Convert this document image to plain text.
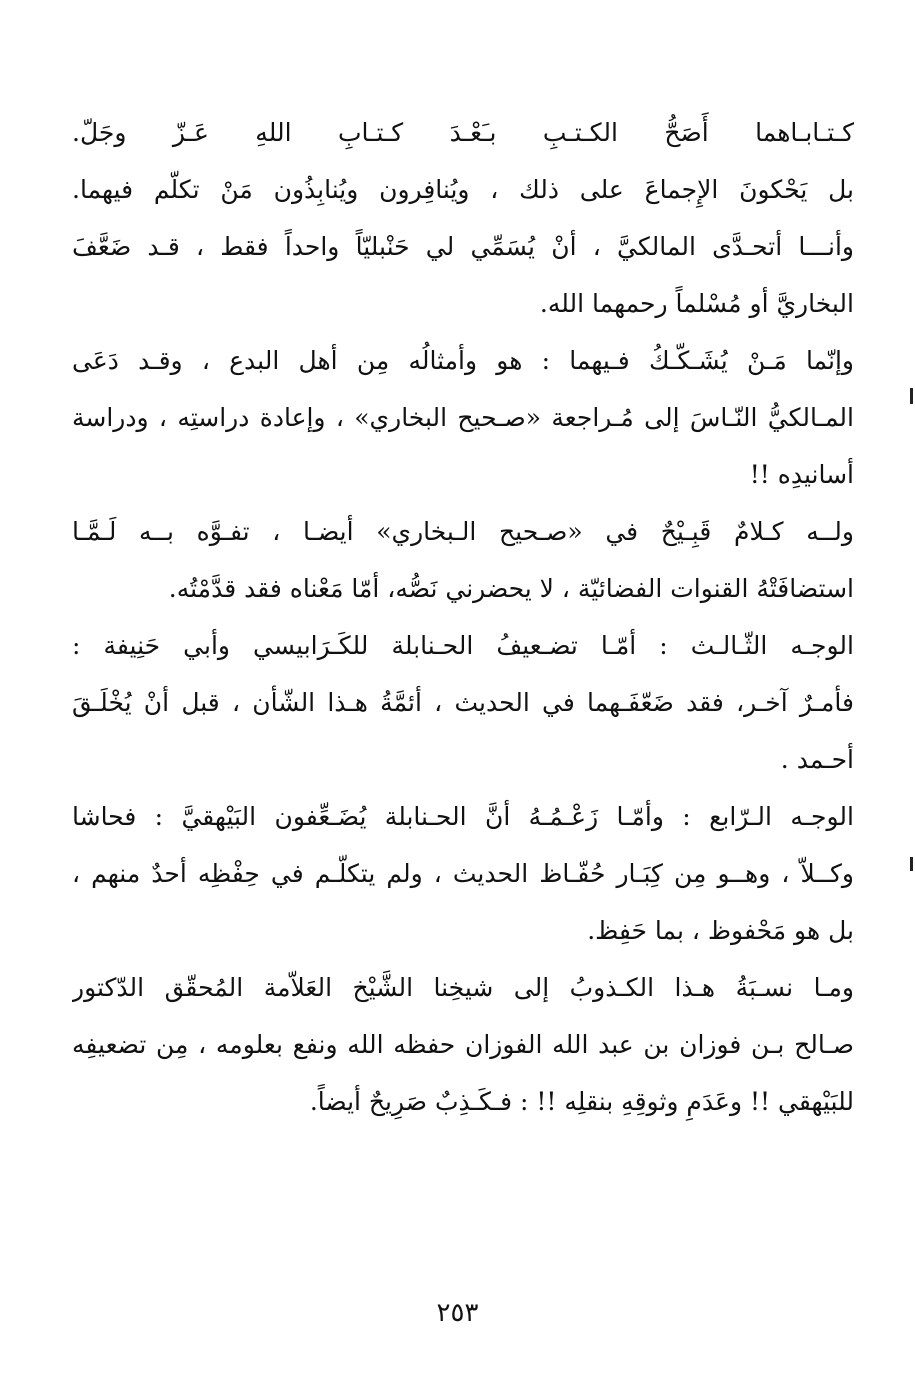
كـتـابـاهما أَصَحُّ الكـتـبِ بـَعْـدَ كـتـابِ اللهِ عَـزّ وجَلّ.
بل يَحْكونَ الإِجماعَ على ذلك ، ويُنافِرون ويُنابِذُون مَنْ تكلّم فيهما.
وأنـــا أتحـدَّى المالكيَّ ، أنْ يُسَمِّي لي حَنْبليّاً واحداً فقط ، قـد ضَعَّفَ
البخاريَّ أو مُسْلماً رحمهما الله.
وإنّما مَـنْ يُشَـكّـكُ فـيهما : هو وأمثالُه مِن أهل البدع ، وقـد دَعَى
المـالكيُّ النّـاسَ إلى مُـراجعة «صـحيح البخاري» ، وإعادة دراستِه ، ودراسة
أسانيدِه !!
ولــه كـلامٌ قَبِـيْحٌ في «صـحيح الـبخاري» أيضـا ، تفـوَّه بــه لَـمَّـا
استضافَتْهُ القنوات الفضائيّة ، لا يحضرني نَصُّه، أمّا مَعْناه فقد قدَّمْتُه.
الوجـه الثّـالـث : أمّـا تضـعيفُ الحـنابلة للكَـرَابيسي وأبي حَنِيفة :
فأمـرٌ آخـر، فقد ضَعّفَـهما في الحديث ، أئمَّةُ هـذا الشّأن ، قبل أنْ يُخْلَـقَ
أحـمد .
الوجـه الـرّابع : وأمّـا زَعْـمُـهُ أنَّ الحـنابلة يُضَـعِّفون البَيْهقيَّ : فحاشا
وكــلاّ ، وهــو مِن كِبَـار حُفّـاظ الحديث ، ولم يتكلّـم في حِفْظِه أحدٌ منهم ،
بل هو مَحْفوظ ، بما حَفِظ.
ومـا نسـبَةُ هـذا الكـذوبُ إلى شيخِنا الشَّيْخ العَلاّمة المُحقّق الدّكتور
صـالح بـن فوزان بن عبد الله الفوزان حفظه الله ونفع بعلومه ، مِن تضعيفِه
للبَيْهقي !! وعَدَمِ وثوقِهِ بنقلِه !! : فـكَـذِبٌ صَرِيحٌ أيضاً.
٢٥٣
